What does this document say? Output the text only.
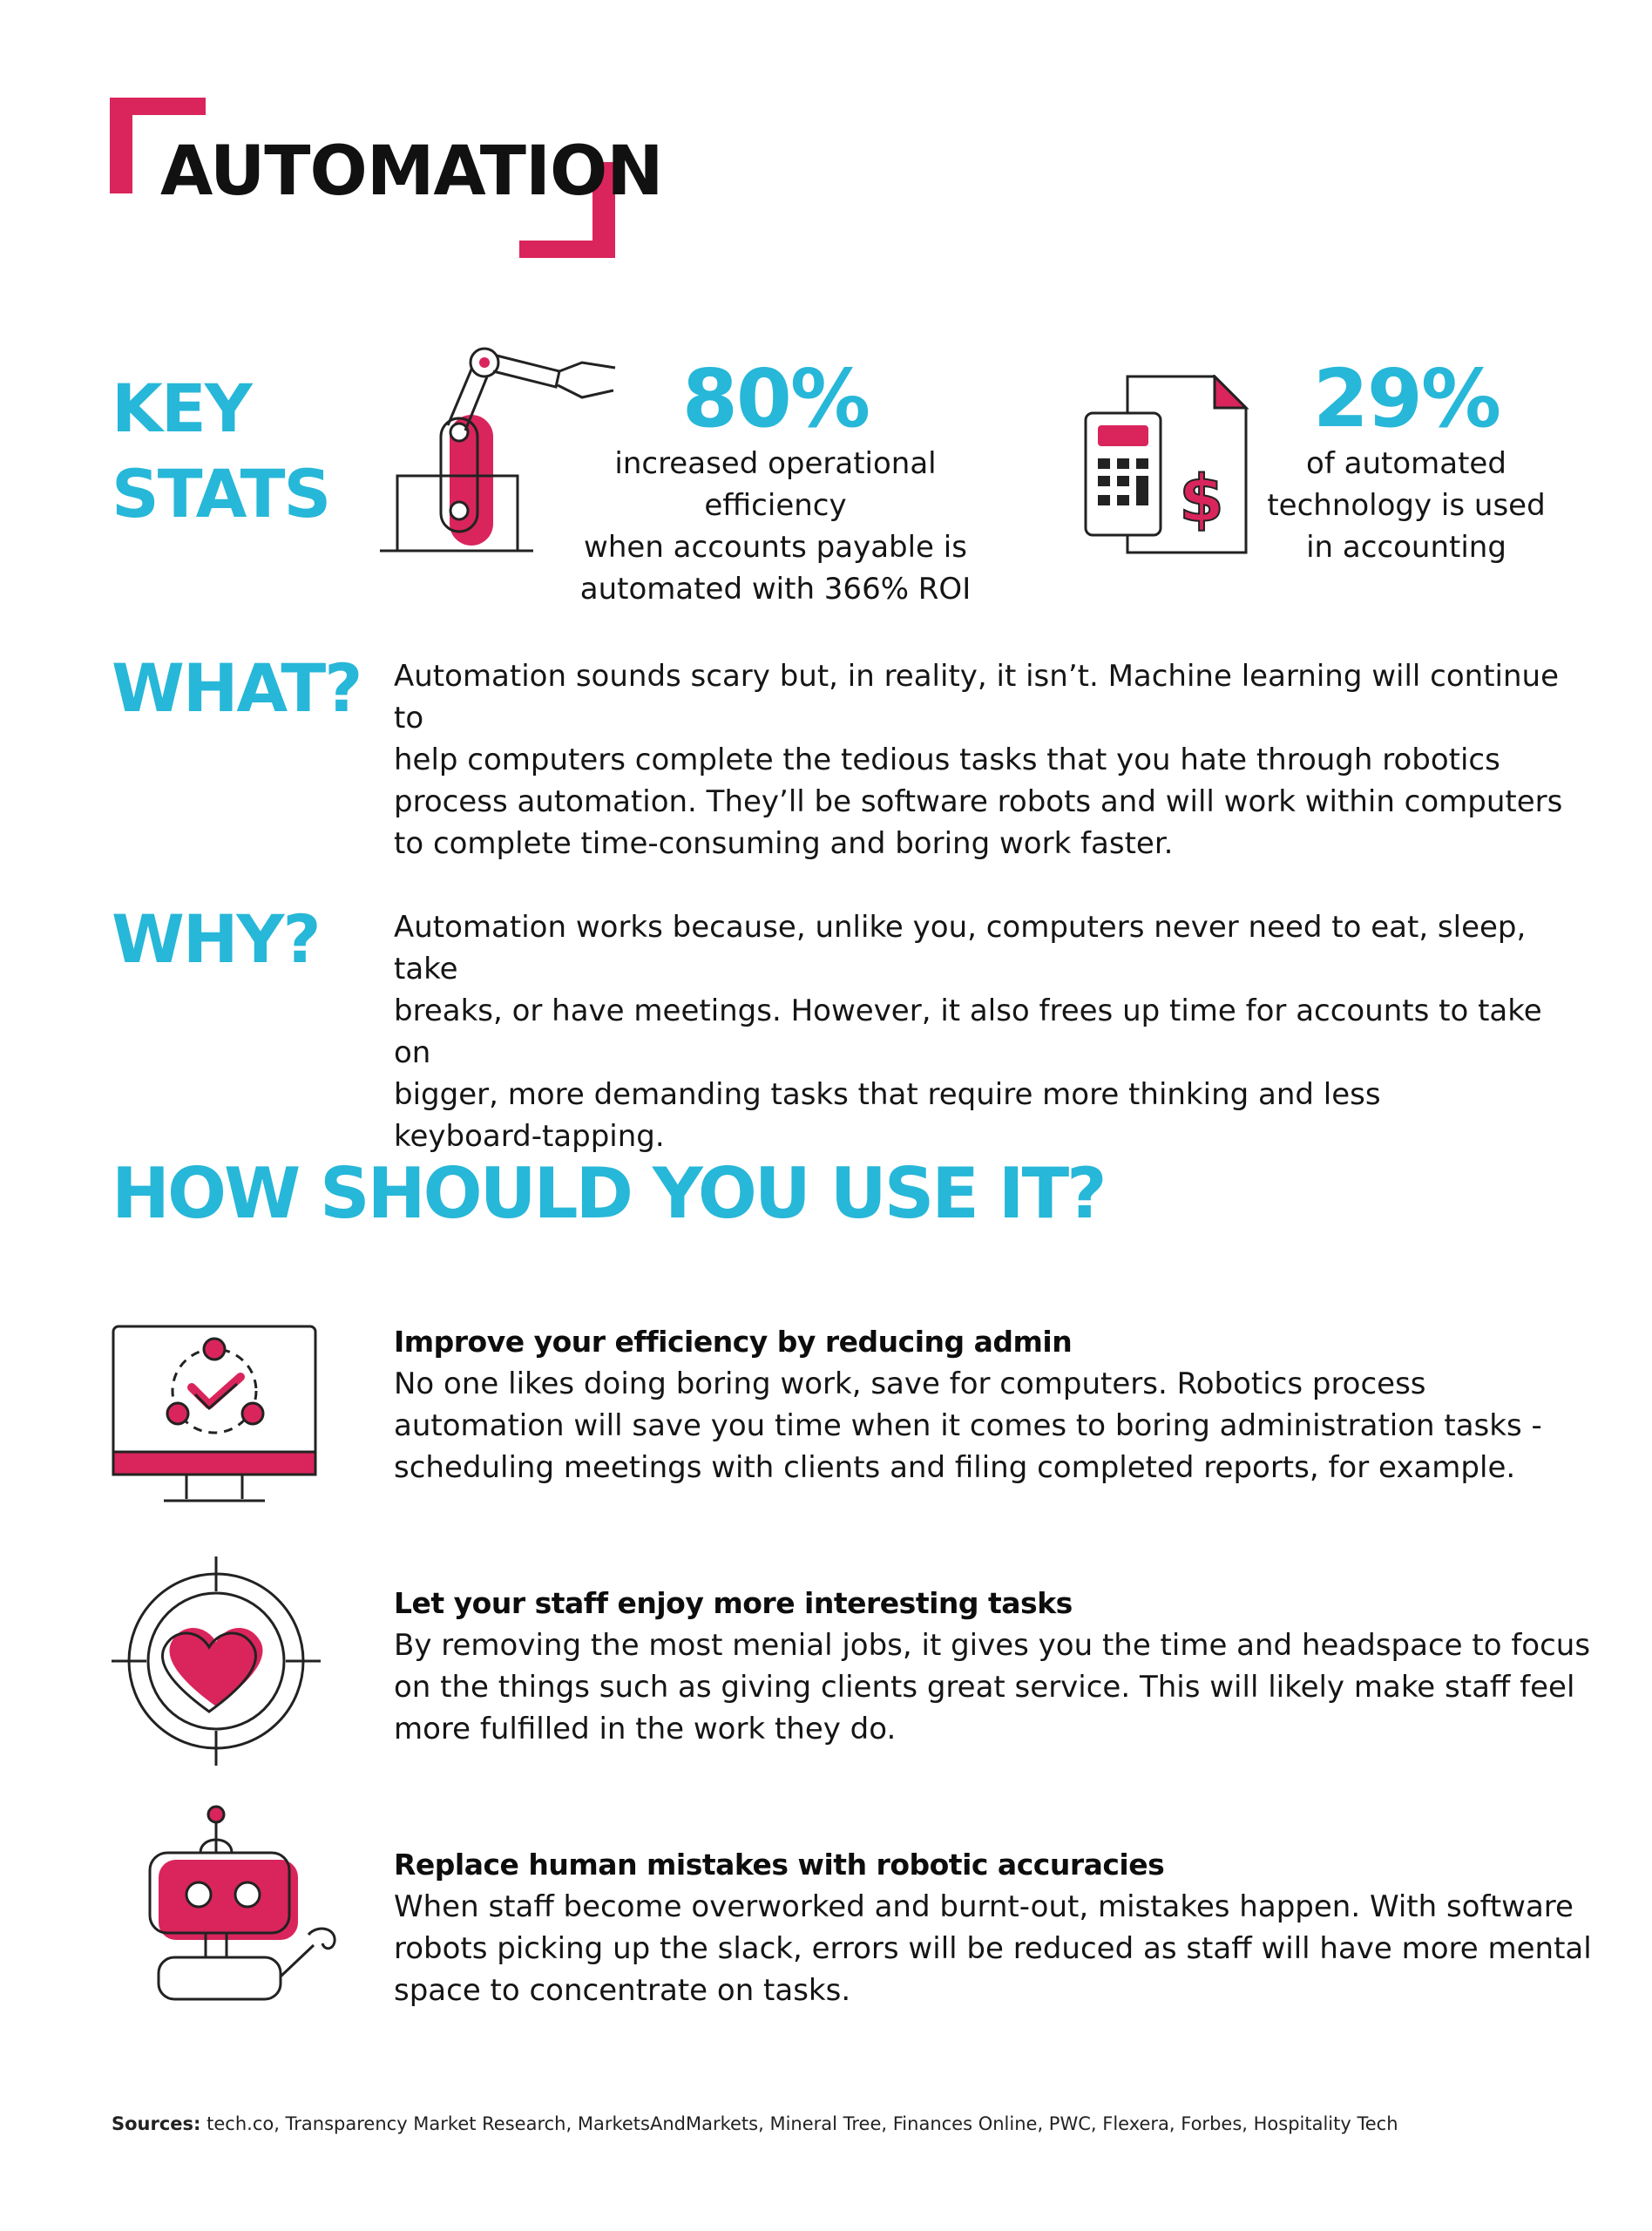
AUTOMATION
KEY
STATS
80%
increased operational efficiency
when accounts payable is
automated with 366% ROI
$
29%
of automated
technology is used
in accounting
WHAT? Automation sounds scary but, in reality, it isn’t. Machine learning will continue to
help computers complete the tedious tasks that you hate through robotics
process automation. They’ll be software robots and will work within computers
to complete time-consuming and boring work faster.
WHY?	Automation works because, unlike you, computers never need to eat, sleep, take
breaks, or have meetings. However, it also frees up time for accounts to take on
bigger, more demanding tasks that require more thinking and less
keyboard-tapping.
HOW SHOULD YOU USE IT?
Improve your efficiency by reducing admin
No one likes doing boring work, save for computers. Robotics process
automation will save you time when it comes to boring administration tasks -
scheduling meetings with clients and filing completed reports, for example.
Let your staff enjoy more interesting tasks
By removing the most menial jobs, it gives you the time and headspace to focus
on the things such as giving clients great service. This will likely make staff feel
more fulfilled in the work they do.
Replace human mistakes with robotic accuracies
When staff become overworked and burnt-out, mistakes happen. With software
robots picking up the slack, errors will be reduced as staff will have more mental
space to concentrate on tasks.
Sources: tech.co, Transparency Market Research, MarketsAndMarkets, Mineral Tree, Finances Online, PWC, Flexera, Forbes, Hospitality Tech
